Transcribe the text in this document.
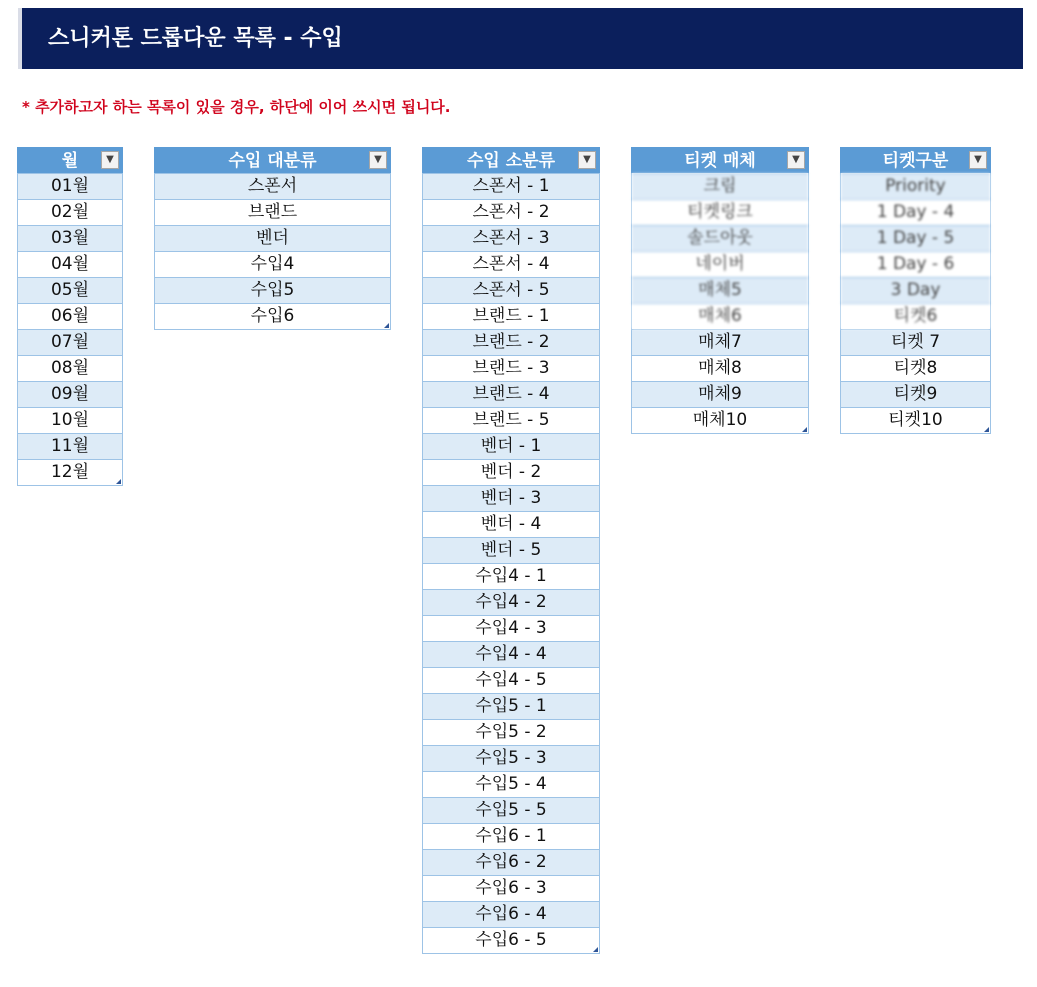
스니커톤 드롭다운 목록 - 수입
* 추가하고자 하는 목록이 있을 경우, 하단에 이어 쓰시면 됩니다.
월	▼
01월
02월
03월
04월
05월
06월
07월
08월
09월
10월
11월
12월
수입 대분류	▼
스폰서
브랜드
벤더
수입4
수입5
수입6
수입 소분류	▼
스폰서 - 1
스폰서 - 2
스폰서 - 3
스폰서 - 4
스폰서 - 5
브랜드 - 1
브랜드 - 2
브랜드 - 3
브랜드 - 4
브랜드 - 5
벤더 - 1
벤더 - 2
벤더 - 3
벤더 - 4
벤더 - 5
수입4 - 1
수입4 - 2
수입4 - 3
수입4 - 4
수입4 - 5
수입5 - 1
수입5 - 2
수입5 - 3
수입5 - 4
수입5 - 5
수입6 - 1
수입6 - 2
수입6 - 3
수입6 - 4
수입6 - 5
티켓 매체	▼
크림
티켓링크
솔드아웃
네이버
매체5
매체6
매체7
매체8
매체9
매체10
티켓구분	▼
Priority
1 Day - 4
1 Day - 5
1 Day - 6
3 Day
티켓6
티켓 7
티켓8
티켓9
티켓10
